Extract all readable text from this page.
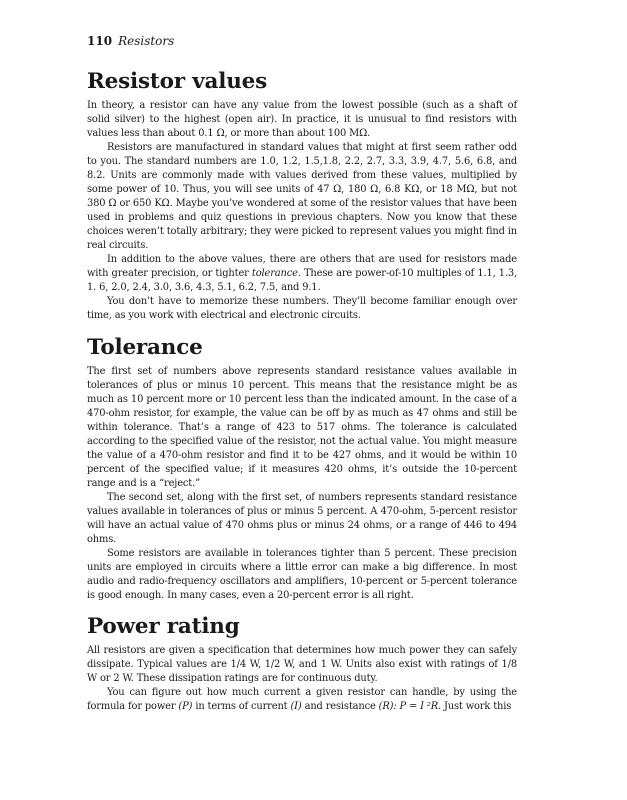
110 Resistors
Resistor values

In theory, a resistor can have any value from the lowest possible (such as a shaft of solid silver) to the highest (open air). In practice, it is unusual to find resistors with values less than about 0.1 Ω, or more than about 100 MΩ.

Resistors are manufactured in standard values that might at first seem rather odd to you. The standard numbers are 1.0, 1.2, 1.5,1.8, 2.2, 2.7, 3.3, 3.9, 4.7, 5.6, 6.8, and 8.2. Units are commonly made with values derived from these values, multiplied by some power of 10. Thus, you will see units of 47 Ω, 180 Ω, 6.8 KΩ, or 18 MΩ, but not 380 Ω or 650 KΩ. Maybe you’ve wondered at some of the resistor values that have been used in problems and quiz questions in previous chapters. Now you know that these choices weren’t totally arbitrary; they were picked to represent values you might find in real circuits.

In addition to the above values, there are others that are used for resistors made with greater precision, or tighter tolerance. These are power-of-10 multiples of 1.1, 1.3, 1. 6, 2.0, 2.4, 3.0, 3.6, 4.3, 5.1, 6.2, 7.5, and 9.1.

You don’t have to memorize these numbers. They’ll become familiar enough over time, as you work with electrical and electronic circuits.

Tolerance

The first set of numbers above represents standard resistance values available in tolerances of plus or minus 10 percent. This means that the resistance might be as much as 10 percent more or 10 percent less than the indicated amount. In the case of a 470-ohm resistor, for example, the value can be off by as much as 47 ohms and still be within tolerance. That’s a range of 423 to 517 ohms. The tolerance is calculated according to the specified value of the resistor, not the actual value. You might measure the value of a 470-ohm resistor and find it to be 427 ohms, and it would be within 10 percent of the specified value; if it measures 420 ohms, it’s outside the 10-percent range and is a “reject.”

The second set, along with the first set, of numbers represents standard resistance values available in tolerances of plus or minus 5 percent. A 470-ohm, 5-percent resistor will have an actual value of 470 ohms plus or minus 24 ohms, or a range of 446 to 494 ohms.

Some resistors are available in tolerances tighter than 5 percent. These precision units are employed in circuits where a little error can make a big difference. In most audio and radio-frequency oscillators and amplifiers, 10-percent or 5-percent tolerance is good enough. In many cases, even a 20-percent error is all right.

Power rating

All resistors are given a specification that determines how much power they can safely dissipate. Typical values are 1/4 W, 1/2 W, and 1 W. Units also exist with ratings of 1/8 W or 2 W. These dissipation ratings are for continuous duty.

You can figure out how much current a given resistor can handle, by using the formula for power (P) in terms of current (I) and resistance (R): P = I ²R. Just work this
